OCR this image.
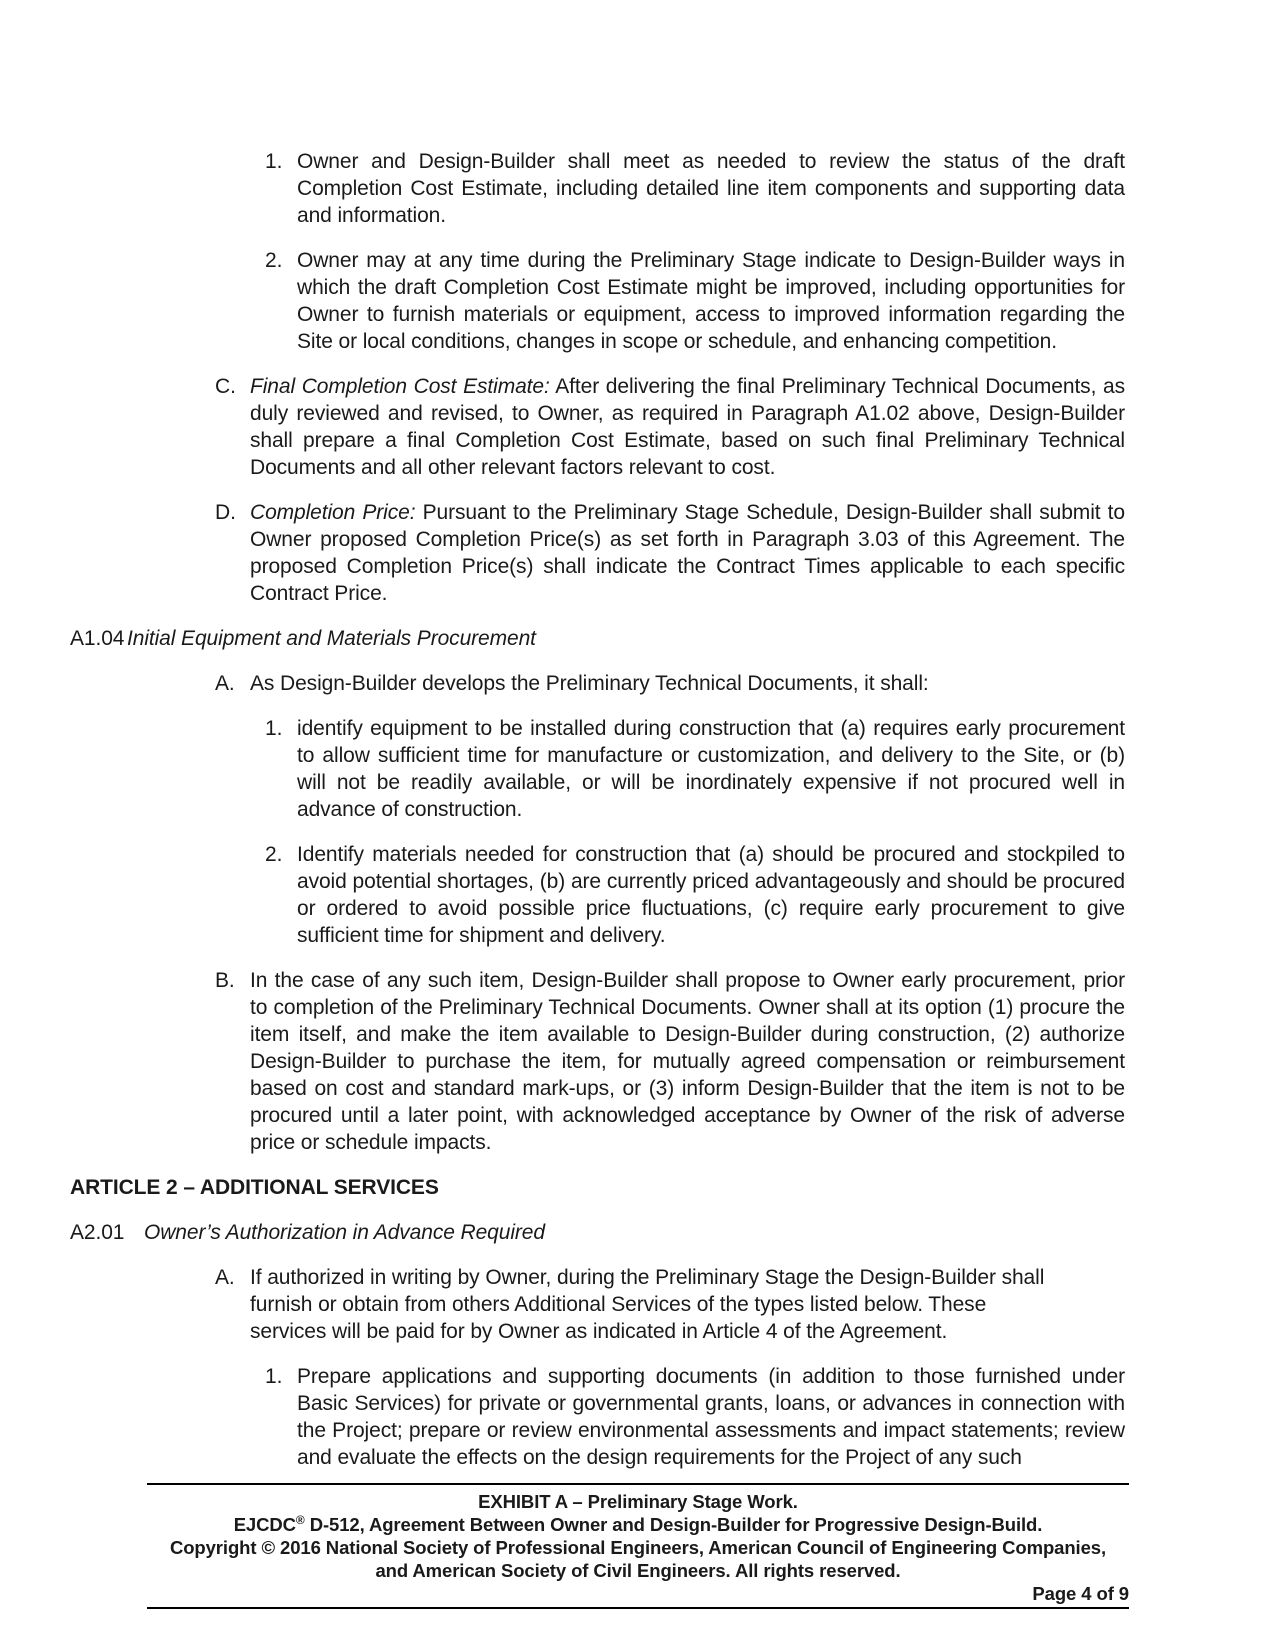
1. Owner and Design-Builder shall meet as needed to review the status of the draft Completion Cost Estimate, including detailed line item components and supporting data and information.
2. Owner may at any time during the Preliminary Stage indicate to Design-Builder ways in which the draft Completion Cost Estimate might be improved, including opportunities for Owner to furnish materials or equipment, access to improved information regarding the Site or local conditions, changes in scope or schedule, and enhancing competition.
C. Final Completion Cost Estimate: After delivering the final Preliminary Technical Documents, as duly reviewed and revised, to Owner, as required in Paragraph A1.02 above, Design-Builder shall prepare a final Completion Cost Estimate, based on such final Preliminary Technical Documents and all other relevant factors relevant to cost.
D. Completion Price: Pursuant to the Preliminary Stage Schedule, Design-Builder shall submit to Owner proposed Completion Price(s) as set forth in Paragraph 3.03 of this Agreement. The proposed Completion Price(s) shall indicate the Contract Times applicable to each specific Contract Price.
A1.04 Initial Equipment and Materials Procurement
A. As Design-Builder develops the Preliminary Technical Documents, it shall:
1. identify equipment to be installed during construction that (a) requires early procurement to allow sufficient time for manufacture or customization, and delivery to the Site, or (b) will not be readily available, or will be inordinately expensive if not procured well in advance of construction.
2. Identify materials needed for construction that (a) should be procured and stockpiled to avoid potential shortages, (b) are currently priced advantageously and should be procured or ordered to avoid possible price fluctuations, (c) require early procurement to give sufficient time for shipment and delivery.
B. In the case of any such item, Design-Builder shall propose to Owner early procurement, prior to completion of the Preliminary Technical Documents. Owner shall at its option (1) procure the item itself, and make the item available to Design-Builder during construction, (2) authorize Design-Builder to purchase the item, for mutually agreed compensation or reimbursement based on cost and standard mark-ups, or (3) inform Design-Builder that the item is not to be procured until a later point, with acknowledged acceptance by Owner of the risk of adverse price or schedule impacts.
ARTICLE 2 – ADDITIONAL SERVICES
A2.01 Owner’s Authorization in Advance Required
A. If authorized in writing by Owner, during the Preliminary Stage the Design-Builder shall furnish or obtain from others Additional Services of the types listed below. These services will be paid for by Owner as indicated in Article 4 of the Agreement.
1. Prepare applications and supporting documents (in addition to those furnished under Basic Services) for private or governmental grants, loans, or advances in connection with the Project; prepare or review environmental assessments and impact statements; review and evaluate the effects on the design requirements for the Project of any such
EXHIBIT A – Preliminary Stage Work.
EJCDC® D-512, Agreement Between Owner and Design-Builder for Progressive Design-Build.
Copyright © 2016 National Society of Professional Engineers, American Council of Engineering Companies,
and American Society of Civil Engineers. All rights reserved.
Page 4 of 9
